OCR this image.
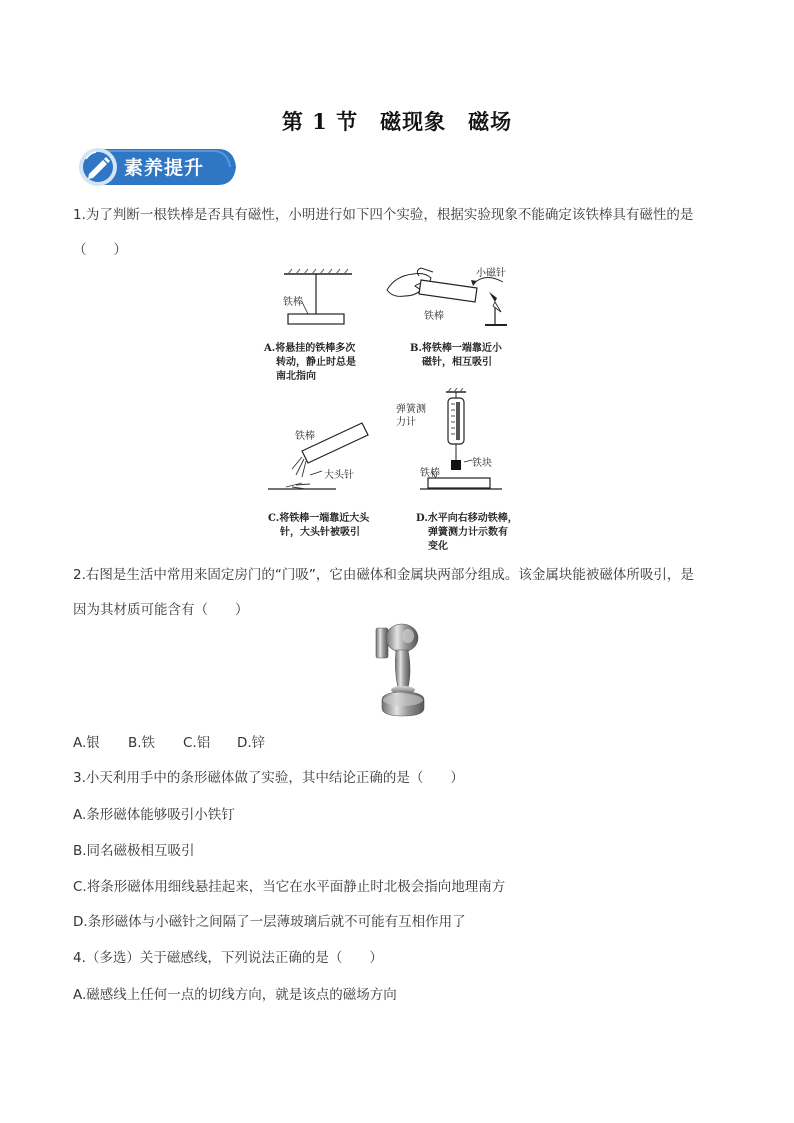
第 1 节　磁现象　磁场
素养提升
1.为了判断一根铁棒是否具有磁性，小明进行如下四个实验，根据实验现象不能确定该铁棒具有磁性的是
（　　）
铁棒
小磁针
铁棒
A.将悬挂的铁棒多次
转动，静止时总是
南北指向
B.将铁棒一端靠近小
磁针，相互吸引
铁棒
大头针
弹簧测
力计
铁块
铁棒
C.将铁棒一端靠近大头
针，大头针被吸引
D.水平向右移动铁棒，
弹簧测力计示数有
变化
2.右图是生活中常用来固定房门的“门吸”，它由磁体和金属块两部分组成。该金属块能被磁体所吸引，是
因为其材质可能含有（　　）
A.银 B.铁 C.铝 D.锌
3.小天利用手中的条形磁体做了实验，其中结论正确的是（　　）
A.条形磁体能够吸引小铁钉
B.同名磁极相互吸引
C.将条形磁体用细线悬挂起来，当它在水平面静止时北极会指向地理南方
D.条形磁体与小磁针之间隔了一层薄玻璃后就不可能有互相作用了
4.（多选）关于磁感线，下列说法正确的是（　　）
A.磁感线上任何一点的切线方向，就是该点的磁场方向
